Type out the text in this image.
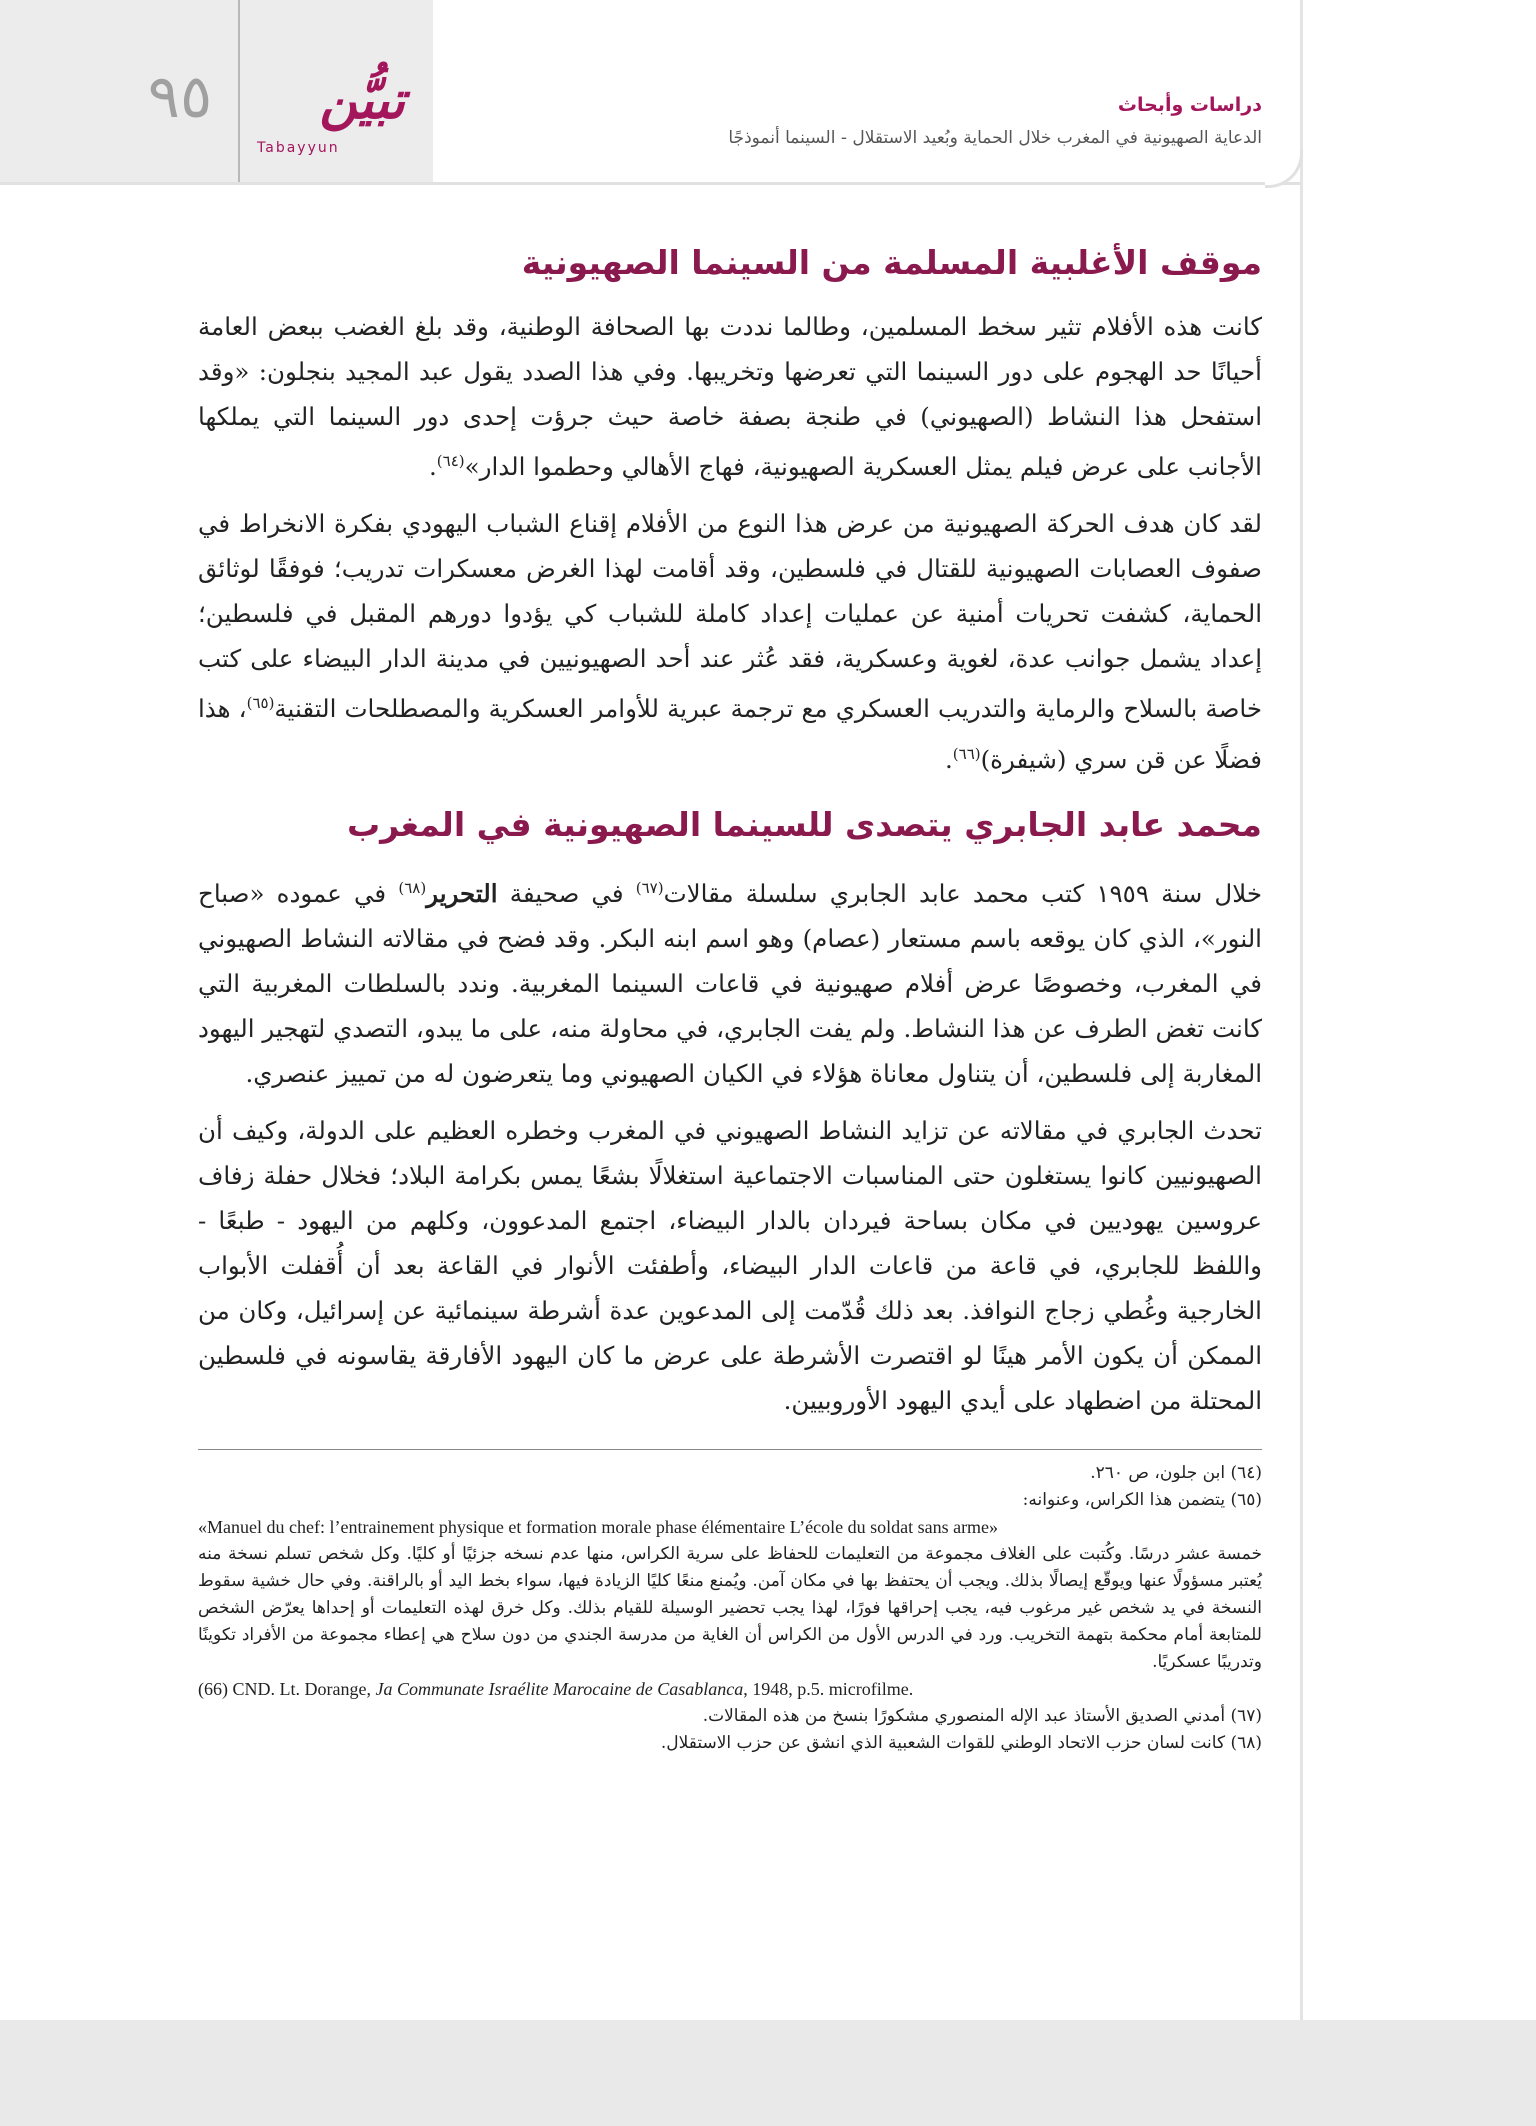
٩٥	تبيُّن
Tabayyun
دراسات وأبحاث
الدعاية الصهيونية في المغرب خلال الحماية وبُعيد الاستقلال - السينما أنموذجًا
موقف الأغلبية المسلمة من السينما الصهيونية

كانت هذه الأفلام تثير سخط المسلمين، وطالما نددت بها الصحافة الوطنية، وقد بلغ الغضب ببعض العامة أحيانًا حد الهجوم على دور السينما التي تعرضها وتخريبها. وفي هذا الصدد يقول عبد المجيد بنجلون: «وقد استفحل هذا النشاط (الصهيوني) في طنجة بصفة خاصة حيث جرؤت إحدى دور السينما التي يملكها الأجانب على عرض فيلم يمثل العسكرية الصهيونية، فهاج الأهالي وحطموا الدار»$^{(٦٤)}$.

لقد كان هدف الحركة الصهيونية من عرض هذا النوع من الأفلام إقناع الشباب اليهودي بفكرة الانخراط في صفوف العصابات الصهيونية للقتال في فلسطين، وقد أقامت لهذا الغرض معسكرات تدريب؛ فوفقًا لوثائق الحماية، كشفت تحريات أمنية عن عمليات إعداد كاملة للشباب كي يؤدوا دورهم المقبل في فلسطين؛ إعداد يشمل جوانب عدة، لغوية وعسكرية، فقد عُثر عند أحد الصهيونيين في مدينة الدار البيضاء على كتب خاصة بالسلاح والرماية والتدريب العسكري مع ترجمة عبرية للأوامر العسكرية والمصطلحات التقنية$^{(٦٥)}$، هذا فضلًا عن قن سري (شيفرة)$^{(٦٦)}$.

محمد عابد الجابري يتصدى للسينما الصهيونية في المغرب

خلال سنة ١٩٥٩ كتب محمد عابد الجابري سلسلة مقالات$^{(٦٧)}$ في صحيفة التحرير$^{(٦٨)}$ في عموده «صباح النور»، الذي كان يوقعه باسم مستعار (عصام) وهو اسم ابنه البكر. وقد فضح في مقالاته النشاط الصهيوني في المغرب، وخصوصًا عرض أفلام صهيونية في قاعات السينما المغربية. وندد بالسلطات المغربية التي كانت تغض الطرف عن هذا النشاط. ولم يفت الجابري، في محاولة منه، على ما يبدو، التصدي لتهجير اليهود المغاربة إلى فلسطين، أن يتناول معاناة هؤلاء في الكيان الصهيوني وما يتعرضون له من تمييز عنصري.

تحدث الجابري في مقالاته عن تزايد النشاط الصهيوني في المغرب وخطره العظيم على الدولة، وكيف أن الصهيونيين كانوا يستغلون حتى المناسبات الاجتماعية استغلالًا بشعًا يمس بكرامة البلاد؛ فخلال حفلة زفاف عروسين يهوديين في مكان بساحة فيردان بالدار البيضاء، اجتمع المدعوون، وكلهم من اليهود - طبعًا - واللفظ للجابري، في قاعة من قاعات الدار البيضاء، وأطفئت الأنوار في القاعة بعد أن أُقفلت الأبواب الخارجية وغُطي زجاج النوافذ. بعد ذلك قُدّمت إلى المدعوين عدة أشرطة سينمائية عن إسرائيل، وكان من الممكن أن يكون الأمر هينًا لو اقتصرت الأشرطة على عرض ما كان اليهود الأفارقة يقاسونه في فلسطين المحتلة من اضطهاد على أيدي اليهود الأوروبيين.

(٦٤) ابن جلون، ص ٢٦٠.

(٦٥) يتضمن هذا الكراس، وعنوانه:

«Manuel du chef: l’entrainement physique et formation morale phase élémentaire L’école du soldat sans arme»

خمسة عشر درسًا. وكُتبت على الغلاف مجموعة من التعليمات للحفاظ على سرية الكراس، منها عدم نسخه جزئيًا أو كليًا. وكل شخص تسلم نسخة منه يُعتبر مسؤولًا عنها ويوقّع إيصالًا بذلك. ويجب أن يحتفظ بها في مكان آمن. ويُمنع منعًا كليًا الزيادة فيها، سواء بخط اليد أو بالراقنة. وفي حال خشية سقوط النسخة في يد شخص غير مرغوب فيه، يجب إحراقها فورًا، لهذا يجب تحضير الوسيلة للقيام بذلك. وكل خرق لهذه التعليمات أو إحداها يعرّض الشخص للمتابعة أمام محكمة بتهمة التخريب. ورد في الدرس الأول من الكراس أن الغاية من مدرسة الجندي من دون سلاح هي إعطاء مجموعة من الأفراد تكوينًا وتدريبًا عسكريًا.

(66) CND. Lt. Dorange, Ja Communate Israélite Marocaine de Casablanca, 1948, p.5. microfilme.

(٦٧) أمدني الصديق الأستاذ عبد الإله المنصوري مشكورًا بنسخ من هذه المقالات.

(٦٨) كانت لسان حزب الاتحاد الوطني للقوات الشعبية الذي انشق عن حزب الاستقلال.
